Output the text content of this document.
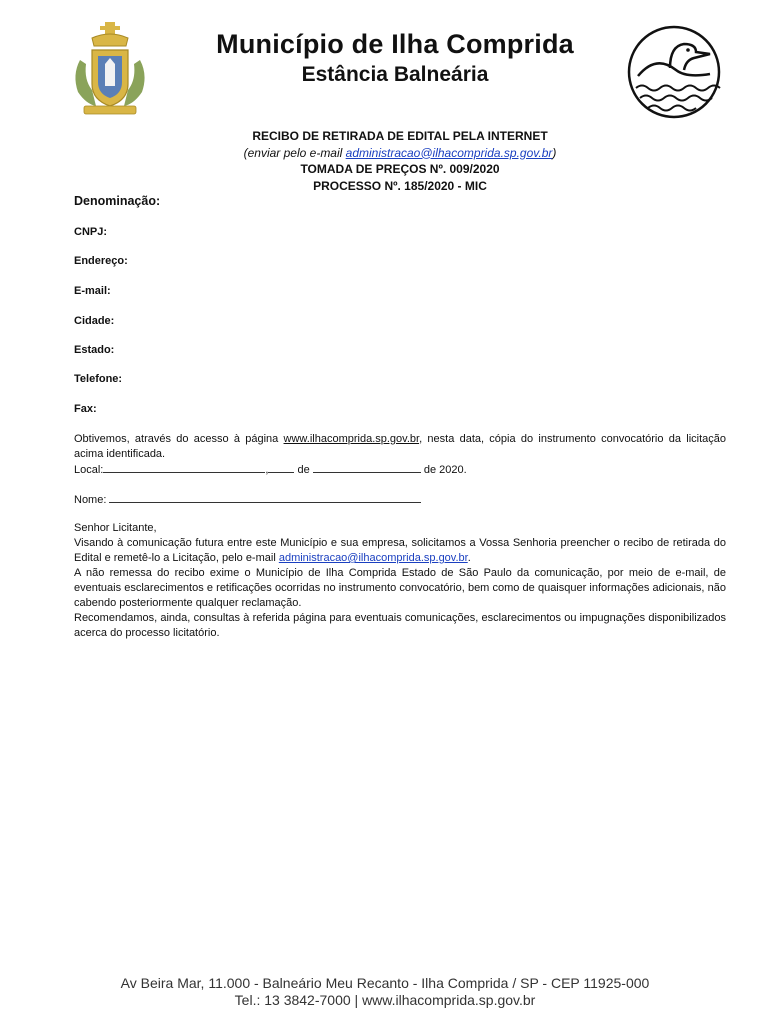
Município de Ilha Comprida
Estância Balneária
RECIBO DE RETIRADA DE EDITAL PELA INTERNET
(enviar pelo e-mail administracao@ilhacomprida.sp.gov.br)
TOMADA DE PREÇOS Nº. 009/2020
PROCESSO Nº. 185/2020 - MIC
Denominação:
CNPJ:
Endereço:
E-mail:
Cidade:
Estado:
Telefone:
Fax:
Obtivemos, através do acesso à página www.ilhacomprida.sp.gov.br, nesta data, cópia do instrumento convocatório da licitação acima identificada.
Local:	,	de	de 2020.
Nome:
Senhor Licitante,
Visando à comunicação futura entre este Município e sua empresa, solicitamos a Vossa Senhoria preencher o recibo de retirada do Edital e remetê-lo a Licitação, pelo e-mail administracao@ilhacomprida.sp.gov.br.
A não remessa do recibo exime o Município de Ilha Comprida Estado de São Paulo da comunicação, por meio de e-mail, de eventuais esclarecimentos e retificações ocorridas no instrumento convocatório, bem como de quaisquer informações adicionais, não cabendo posteriormente qualquer reclamação.
Recomendamos, ainda, consultas à referida página para eventuais comunicações, esclarecimentos ou impugnações disponibilizados acerca do processo licitatório.
Av Beira Mar, 11.000 - Balneário Meu Recanto - Ilha Comprida / SP - CEP 11925-000
Tel.: 13 3842-7000 | www.ilhacomprida.sp.gov.br
